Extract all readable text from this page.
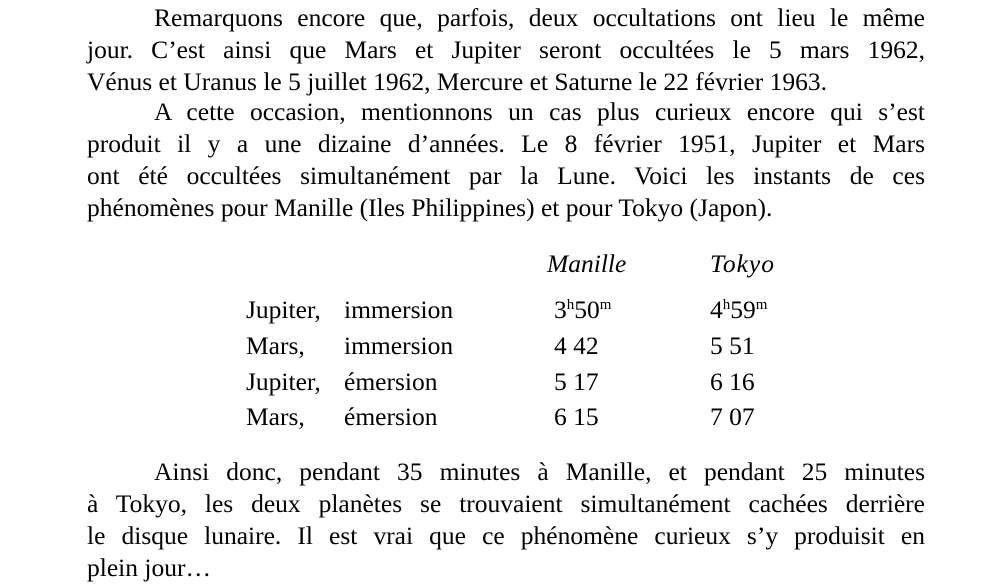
Remarquons encore que, parfois, deux occultations ont lieu le même
jour. C’est ainsi que Mars et Jupiter seront occultées le 5 mars 1962,
Vénus et Uranus le 5 juillet 1962, Mercure et Saturne le 22 février 1963.

A cette occasion, mentionnons un cas plus curieux encore qui s’est
produit il y a une dizaine d’années. Le 8 février 1951, Jupiter et Mars
ont été occultées simultanément par la Lune. Voici les instants de ces
phénomènes pour Manille (Iles Philippines) et pour Tokyo (Japon).

Manille	Tokyo
Jupiter, immersion	3$^h$50$^m$	4$^h$59$^m$
Mars, immersion	4 42	5 51
Jupiter, émersion	5 17	6 16
Mars, émersion	6 15	7 07

Ainsi donc, pendant 35 minutes à Manille, et pendant 25 minutes
à Tokyo, les deux planètes se trouvaient simultanément cachées derrière
le disque lunaire. Il est vrai que ce phénomène curieux s’y produisit en
plein jour…
